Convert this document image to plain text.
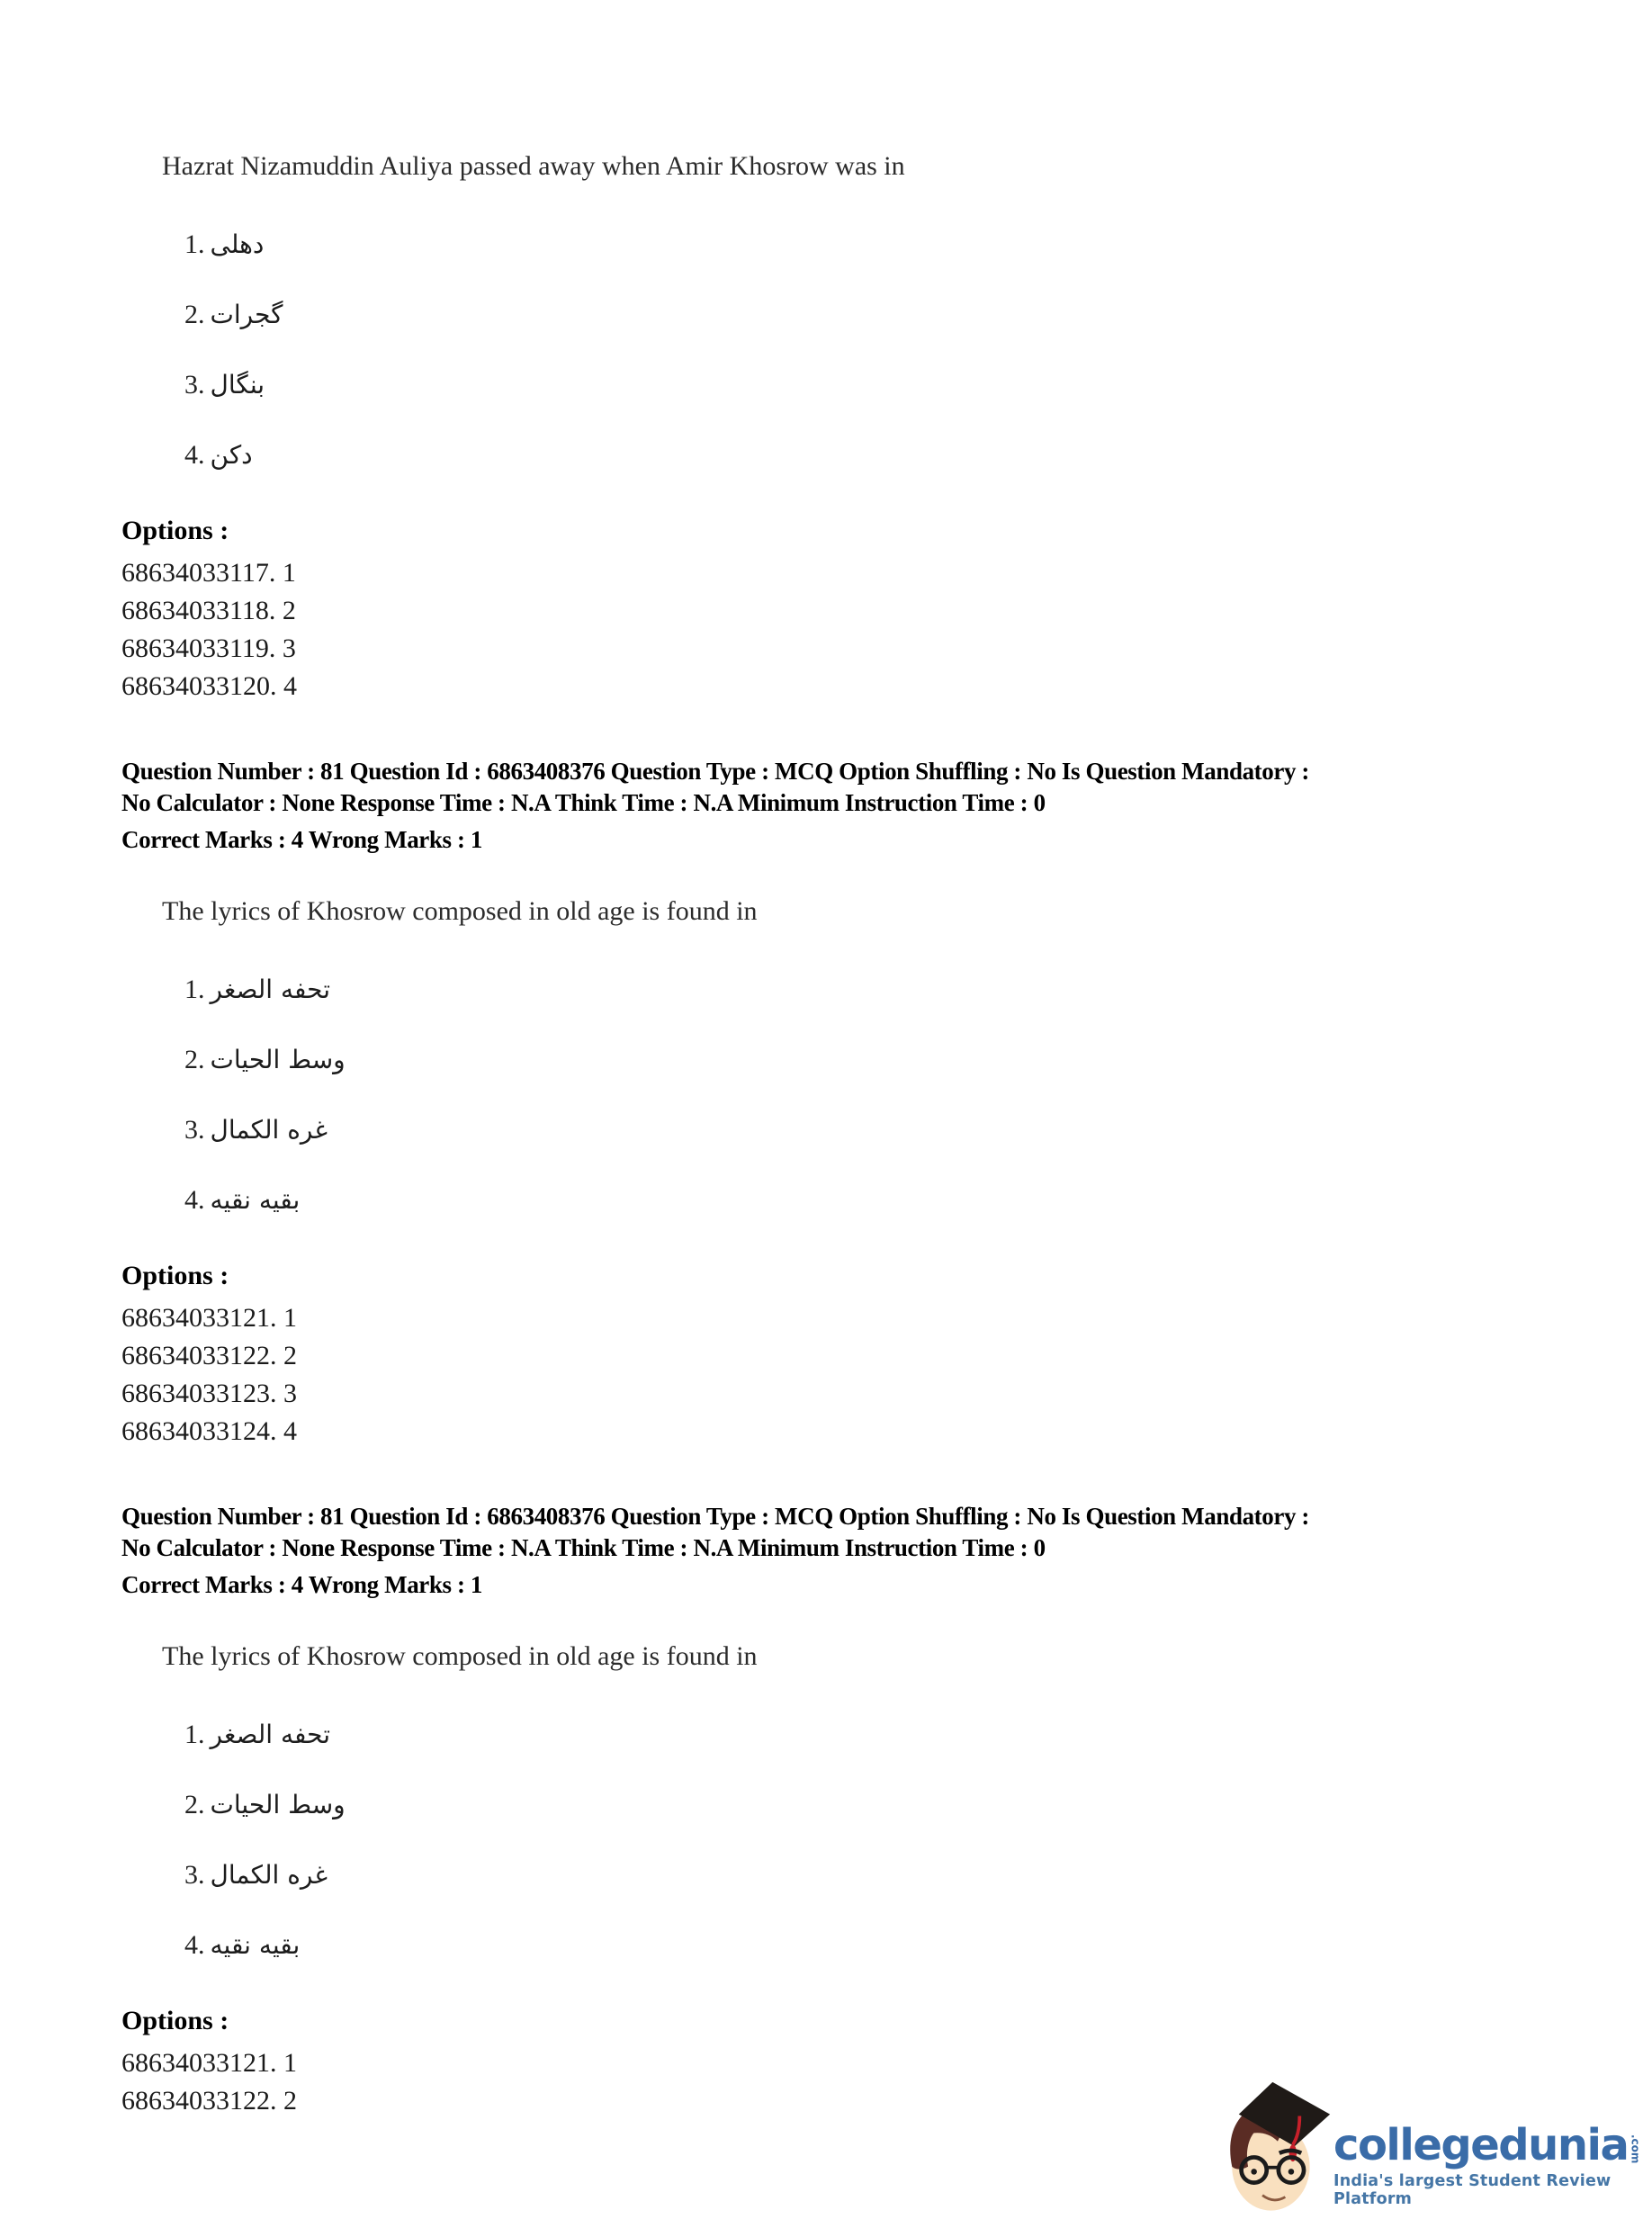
Hazrat Nizamuddin Auliya passed away when Amir Khosrow was in

1. دهلی

2. گجرات

3. بنگال

4. دکن

Options :

68634033117. 1

68634033118. 2

68634033119. 3

68634033120. 4

Question Number : 81 Question Id : 6863408376 Question Type : MCQ Option Shuffling : No Is Question Mandatory :

No Calculator : None Response Time : N.A Think Time : N.A Minimum Instruction Time : 0

Correct Marks : 4 Wrong Marks : 1

The lyrics of Khosrow composed in old age is found in

1. تحفه الصغر

2. وسط الحیات

3. غره الکمال

4. بقیه نقیه

Options :

68634033121. 1

68634033122. 2

68634033123. 3

68634033124. 4

Question Number : 81 Question Id : 6863408376 Question Type : MCQ Option Shuffling : No Is Question Mandatory :

No Calculator : None Response Time : N.A Think Time : N.A Minimum Instruction Time : 0

Correct Marks : 4 Wrong Marks : 1

The lyrics of Khosrow composed in old age is found in

1. تحفه الصغر

2. وسط الحیات

3. غره الکمال

4. بقیه نقیه

Options :

68634033121. 1

68634033122. 2

collegedunia .com
India's largest Student Review Platform
